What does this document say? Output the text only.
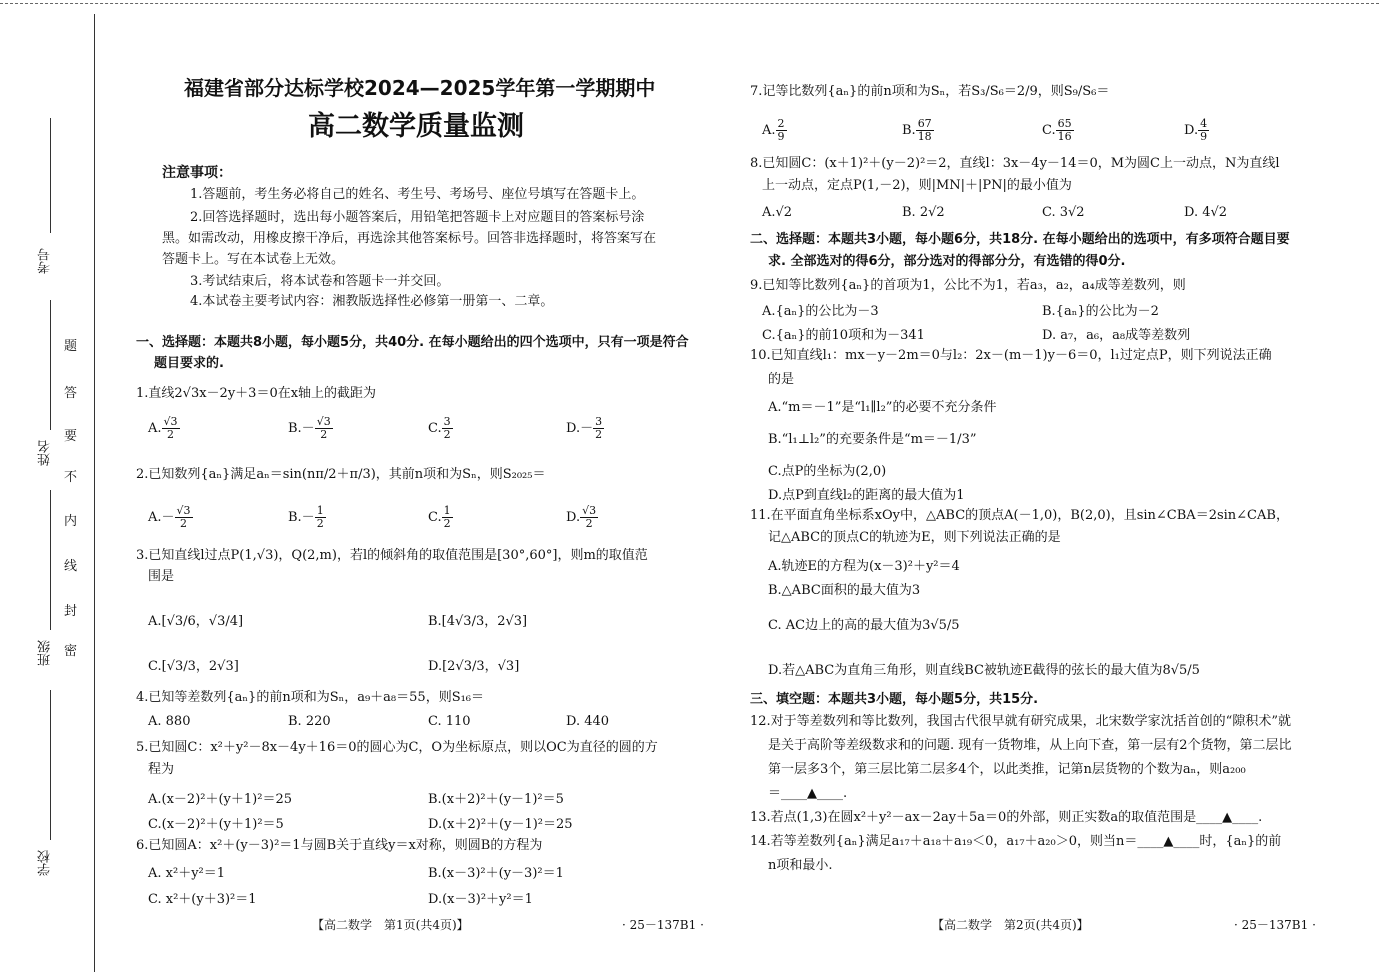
考号
姓名
班级
学校
题
答
要
不
内
线
封
密
福建省部分达标学校2024—2025学年第一学期期中
高二数学质量监测
注意事项：
1.答题前，考生务必将自己的姓名、考生号、考场号、座位号填写在答题卡上。
2.回答选择题时，选出每小题答案后，用铅笔把答题卡上对应题目的答案标号涂
黑。如需改动，用橡皮擦干净后，再选涂其他答案标号。回答非选择题时，将答案写在
答题卡上。写在本试卷上无效。
3.考试结束后，将本试卷和答题卡一并交回。
4.本试卷主要考试内容：湘教版选择性必修第一册第一、二章。
一、选择题：本题共8小题，每小题5分，共40分. 在每小题给出的四个选项中，只有一项是符合
题目要求的.
1.直线2√3x－2y＋3＝0在x轴上的截距为
A. $\frac{√3}{2}$	$B.- \frac{√3}{2}$	C. $\frac{3}{2}$	$D.- \frac{3}{2}$
2.已知数列{aₙ}满足aₙ＝sin(nπ/2＋π/3)，其前n项和为Sₙ，则S₂₀₂₅＝
$A.- \frac{√3}{2}$	$B.- \frac{1}{2}$	C. $\frac{1}{2}$	D. $\frac{√3}{2}$
3.已知直线l过点P(1,√3)，Q(2,m)，若l的倾斜角的取值范围是[30°,60°]，则m的取值范
围是
A.[√3/6，√3/4]	B.[4√3/3，2√3]
C.[√3/3，2√3]	D.[2√3/3，√3]
4.已知等差数列{aₙ}的前n项和为Sₙ，a₉＋a₈＝55，则S₁₆＝
A. 880	B. 220	C. 110	D. 440
5.已知圆C：x²＋y²－8x－4y＋16＝0的圆心为C，O为坐标原点，则以OC为直径的圆的方
程为
A.(x－2)²＋(y＋1)²＝25	B.(x＋2)²＋(y－1)²＝5
C.(x－2)²＋(y＋1)²＝5	D.(x＋2)²＋(y－1)²＝25
6.已知圆A：x²＋(y－3)²＝1与圆B关于直线y＝x对称，则圆B的方程为
A. x²＋y²＝1	B.(x－3)²＋(y－3)²＝1
C. x²＋(y＋3)²＝1	D.(x－3)²＋y²＝1
【高二数学　第1页(共4页)】	· 25－137B1 ·
7.记等比数列{aₙ}的前n项和为Sₙ，若S₃/S₆＝2/9，则S₉/S₆＝
A. $\frac{2}{9}$	B. $\frac{67}{18}$	C. $\frac{65}{16}$	D. $\frac{4}{9}$
8.已知圆C：(x＋1)²＋(y－2)²＝2，直线l：3x－4y－14＝0，M为圆C上一动点，N为直线l
上一动点，定点P(1,－2)，则|MN|＋|PN|的最小值为
A.√2	B. 2√2	C. 3√2	D. 4√2
二、选择题：本题共3小题，每小题6分，共18分. 在每小题给出的选项中，有多项符合题目要
求. 全部选对的得6分，部分选对的得部分分，有选错的得0分.
9.已知等比数列{aₙ}的首项为1，公比不为1，若a₃，a₂，a₄成等差数列，则
A.{aₙ}的公比为－3	B.{aₙ}的公比为－2
C.{aₙ}的前10项和为－341	D. a₇，a₆，a₈成等差数列
10.已知直线l₁：mx－y－2m＝0与l₂：2x－(m－1)y－6＝0，l₁过定点P，则下列说法正确
的是
A.“m＝－1”是“l₁∥l₂”的必要不充分条件
B.“l₁⊥l₂”的充要条件是“m＝－1/3”
C.点P的坐标为(2,0)
D.点P到直线l₂的距离的最大值为1
11.在平面直角坐标系xOy中，△ABC的顶点A(－1,0)，B(2,0)，且sin∠CBA＝2sin∠CAB，
记△ABC的顶点C的轨迹为E，则下列说法正确的是
A.轨迹E的方程为(x－3)²＋y²＝4
B.△ABC面积的最大值为3
C. AC边上的高的最大值为3√5/5
D.若△ABC为直角三角形，则直线BC被轨迹E截得的弦长的最大值为8√5/5
三、填空题：本题共3小题，每小题5分，共15分.
12.对于等差数列和等比数列，我国古代很早就有研究成果，北宋数学家沈括首创的“隙积术”就
是关于高阶等差级数求和的问题. 现有一货物堆，从上向下查，第一层有2个货物，第二层比
第一层多3个，第三层比第二层多4个，以此类推，记第n层货物的个数为aₙ，则a₂₀₀
＝____▲____.
13.若点(1,3)在圆x²＋y²－ax－2ay＋5a＝0的外部，则正实数a的取值范围是____▲____.
14.若等差数列{aₙ}满足a₁₇＋a₁₈＋a₁₉＜0，a₁₇＋a₂₀＞0，则当n＝____▲____时，{aₙ}的前
n项和最小.
【高二数学　第2页(共4页)】	· 25－137B1 ·
